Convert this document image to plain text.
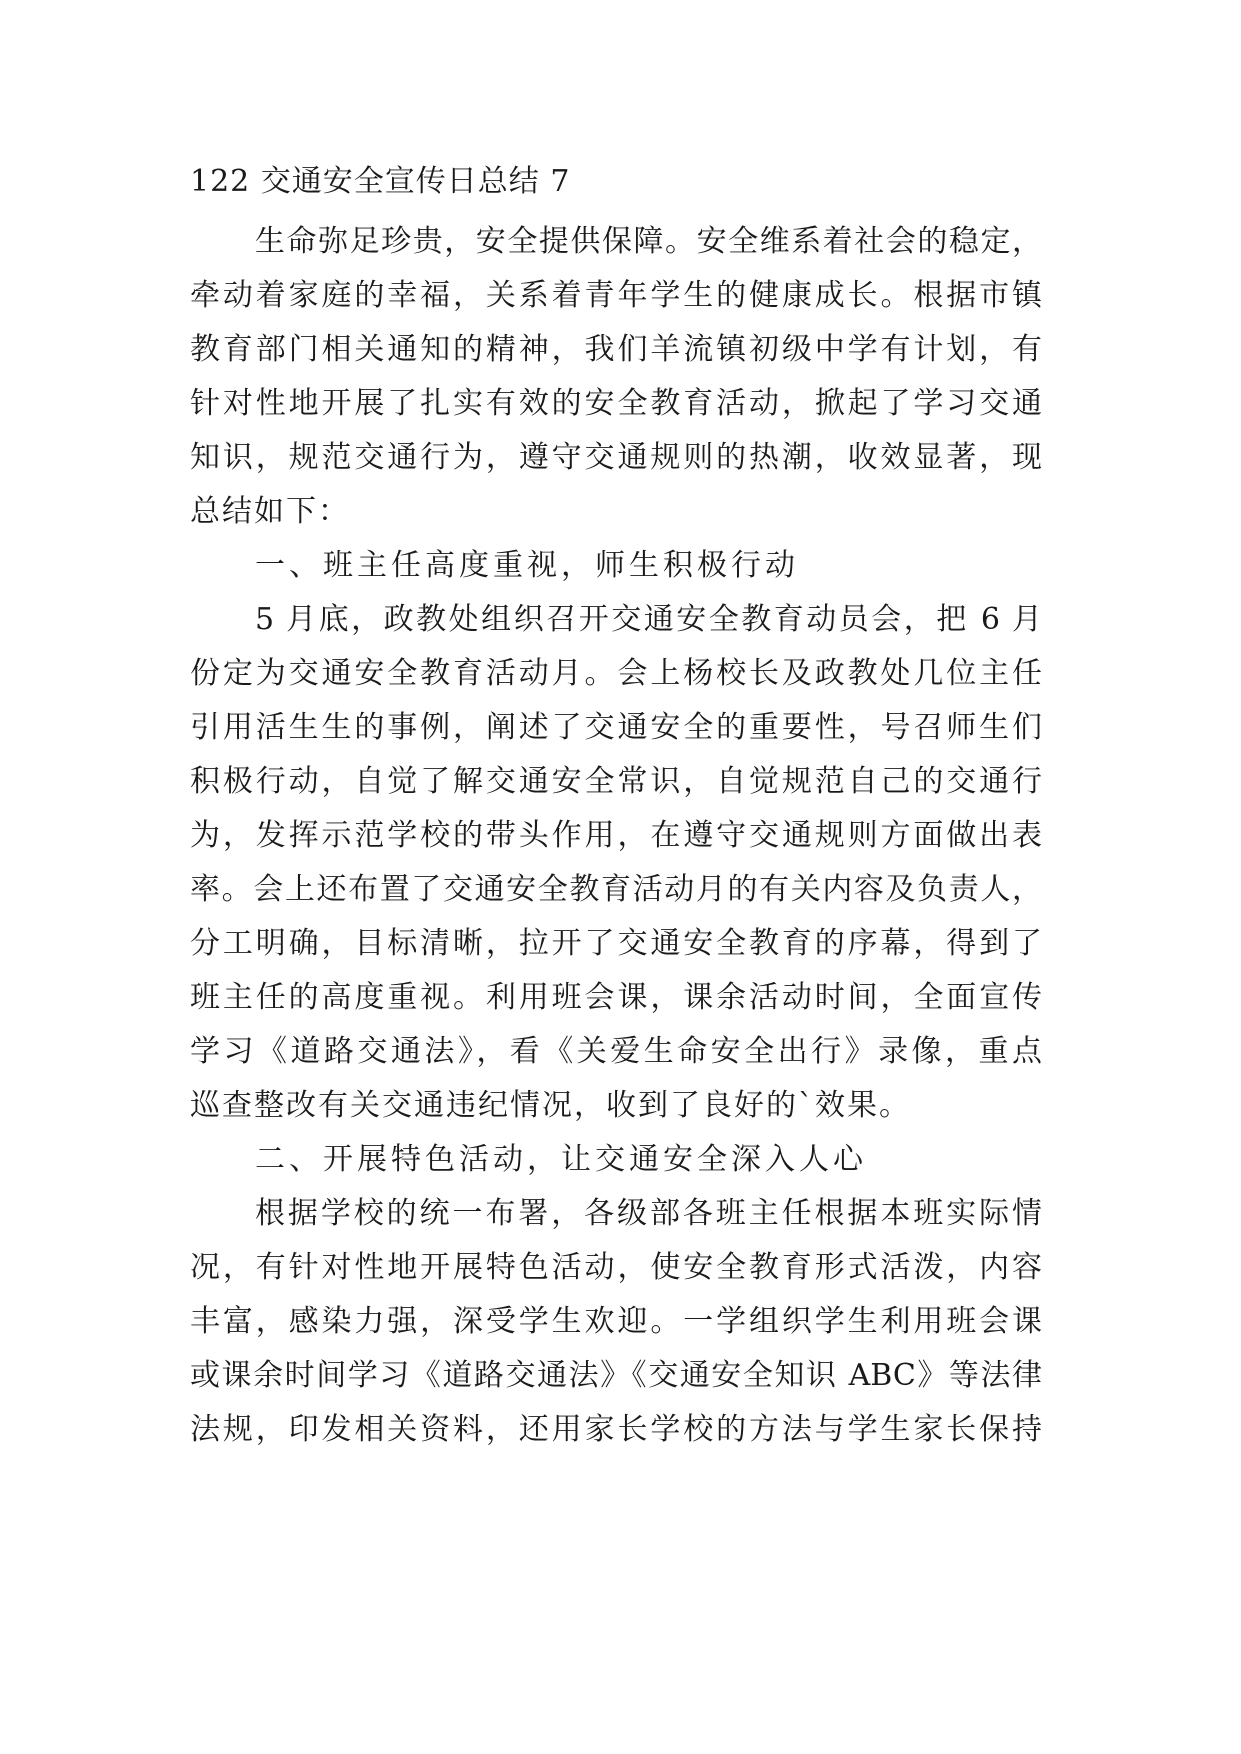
122 交通安全宣传日总结 7

生命弥足珍贵，安全提供保障。安全维系着社会的稳定，

牵动着家庭的幸福，关系着青年学生的健康成长。根据市镇

教育部门相关通知的精神，我们羊流镇初级中学有计划，有

针对性地开展了扎实有效的安全教育活动，掀起了学习交通

知识，规范交通行为，遵守交通规则的热潮，收效显著，现

总结如下：

一、班主任高度重视，师生积极行动

5 月底，政教处组织召开交通安全教育动员会，把 6 月

份定为交通安全教育活动月。会上杨校长及政教处几位主任

引用活生生的事例，阐述了交通安全的重要性，号召师生们

积极行动，自觉了解交通安全常识，自觉规范自己的交通行

为，发挥示范学校的带头作用，在遵守交通规则方面做出表

率。会上还布置了交通安全教育活动月的有关内容及负责人，

分工明确，目标清晰，拉开了交通安全教育的序幕，得到了

班主任的高度重视。利用班会课，课余活动时间，全面宣传

学习《道路交通法》，看《关爱生命安全出行》录像，重点

巡查整改有关交通违纪情况，收到了良好的`效果。

二、开展特色活动，让交通安全深入人心

根据学校的统一布署，各级部各班主任根据本班实际情

况，有针对性地开展特色活动，使安全教育形式活泼，内容

丰富，感染力强，深受学生欢迎。一学组织学生利用班会课

或课余时间学习《道路交通法》《交通安全知识 ABC》等法律

法规，印发相关资料，还用家长学校的方法与学生家长保持
